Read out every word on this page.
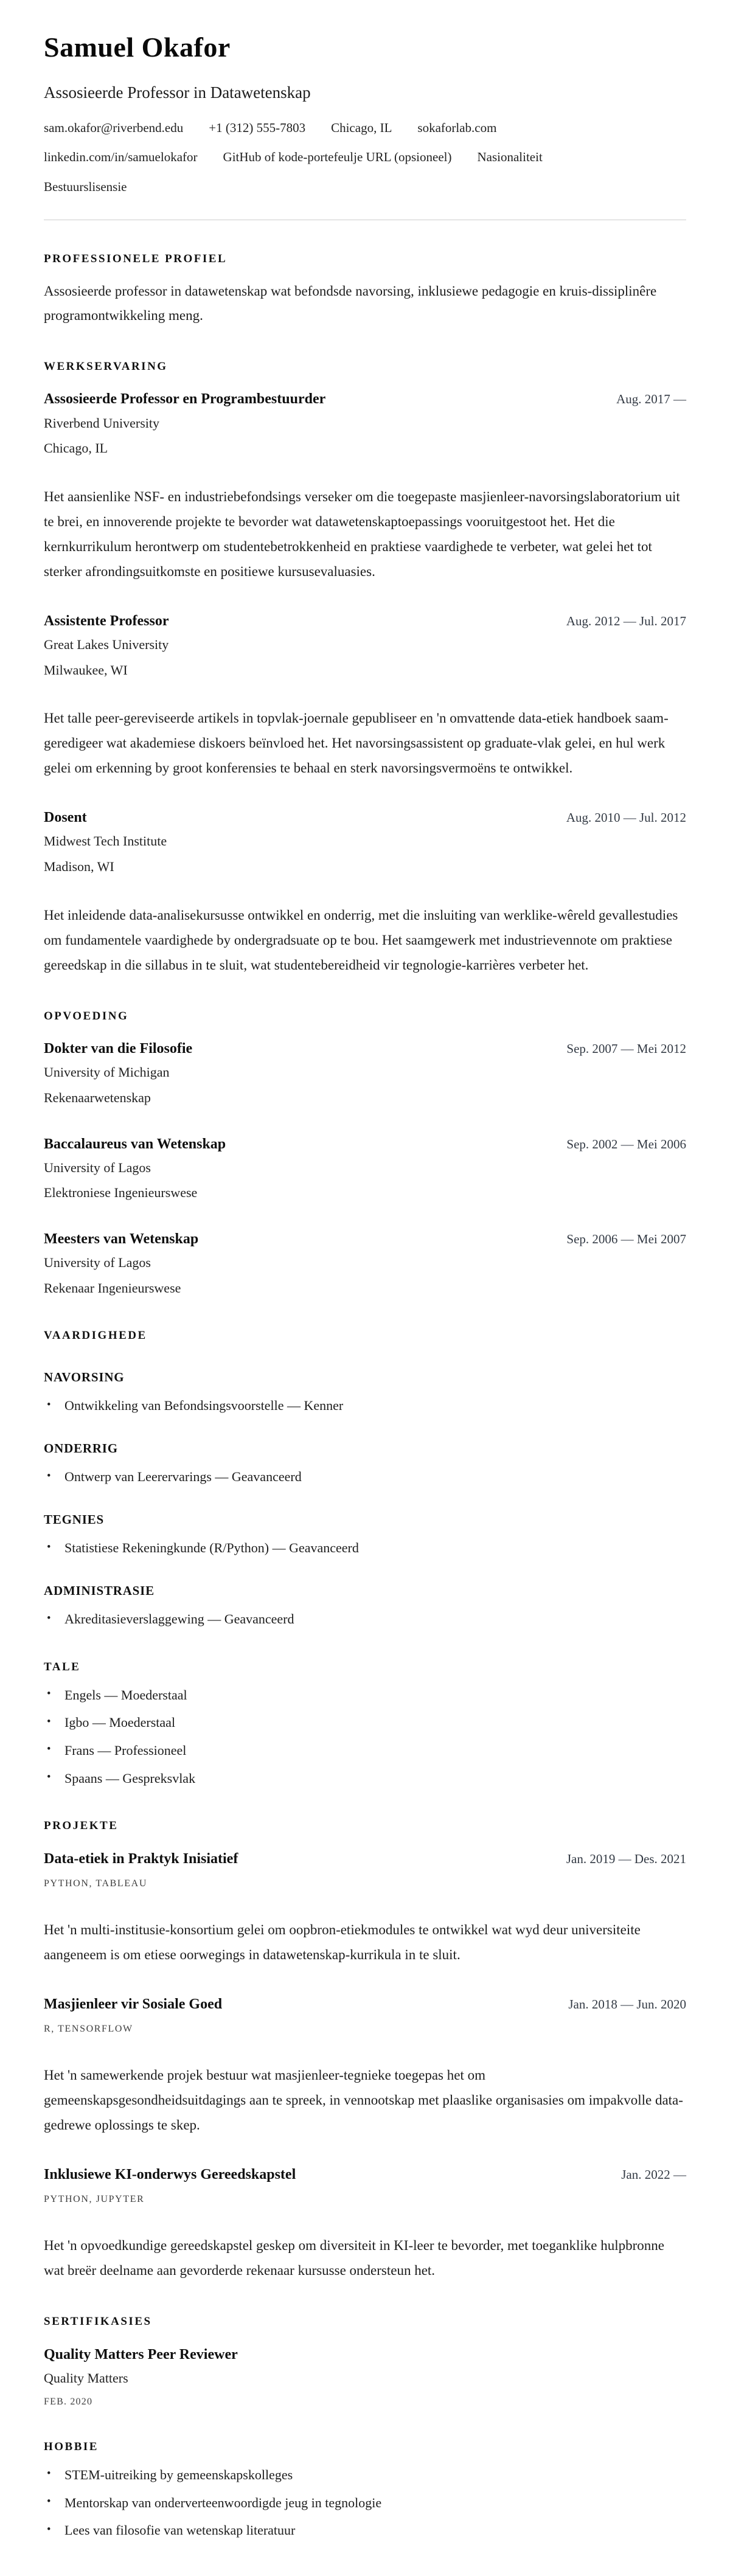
Samuel Okafor
Assosieerde Professor in Datawetenskap
sam.okafor@riverbend.edu +1 (312) 555-7803 Chicago, IL sokaforlab.com
linkedin.com/in/samuelokafor GitHub of kode-portefeulje URL (opsioneel) Nasionaliteit
Bestuurslisensie
PROFESSIONELE PROFIEL

Assosieerde professor in datawetenskap wat befondsde navorsing, inklusiewe pedagogie en kruis-dissiplinêre programontwikkeling meng.

WERKSERVARING
Assosieerde Professor en Programbestuurder	Aug. 2017 —
Riverbend University
Chicago, IL

Het aansienlike NSF- en industriebefondsings verseker om die toegepaste masjienleer-navorsingslaboratorium uit te brei, en innoverende projekte te bevorder wat datawetenskaptoepassings vooruitgestoot het. Het die kernkurrikulum herontwerp om studentebetrokkenheid en praktiese vaardighede te verbeter, wat gelei het tot sterker afrondingsuitkomste en positiewe kursusevaluasies.

Assistente Professor	Aug. 2012 — Jul. 2017
Great Lakes University
Milwaukee, WI

Het talle peer-gereviseerde artikels in topvlak-joernale gepubliseer en 'n omvattende data-etiek handboek saam-geredigeer wat akademiese diskoers beïnvloed het. Het navorsingsassistent op graduate-vlak gelei, en hul werk gelei om erkenning by groot konferensies te behaal en sterk navorsingsvermoëns te ontwikkel.

Dosent	Aug. 2010 — Jul. 2012
Midwest Tech Institute
Madison, WI

Het inleidende data-analisekursusse ontwikkel en onderrig, met die insluiting van werklike-wêreld gevallestudies om fundamentele vaardighede by ondergradsuate op te bou. Het saamgewerk met industrievennote om praktiese gereedskap in die sillabus in te sluit, wat studentebereidheid vir tegnologie-karrières verbeter het.

OPVOEDING
Dokter van die Filosofie	Sep. 2007 — Mei 2012
University of Michigan
Rekenaarwetenskap
Baccalaureus van Wetenskap	Sep. 2002 — Mei 2006
University of Lagos
Elektroniese Ingenieurswese
Meesters van Wetenskap	Sep. 2006 — Mei 2007
University of Lagos
Rekenaar Ingenieurswese
VAARDIGHEDE
NAVORSING
• Ontwikkeling van Befondsingsvoorstelle — Kenner
ONDERRIG
• Ontwerp van Leerervarings — Geavanceerd
TEGNIES
• Statistiese Rekeningkunde (R/Python) — Geavanceerd
ADMINISTRASIE
• Akreditasieverslaggewing — Geavanceerd
TALE
• Engels — Moederstaal
• Igbo — Moederstaal
• Frans — Professioneel
• Spaans — Gespreksvlak
PROJEKTE
Data-etiek in Praktyk Inisiatief	Jan. 2019 — Des. 2021
PYTHON, TABLEAU

Het 'n multi-institusie-konsortium gelei om oopbron-etiekmodules te ontwikkel wat wyd deur universiteite aangeneem is om etiese oorwegings in datawetenskap-kurrikula in te sluit.

Masjienleer vir Sosiale Goed	Jan. 2018 — Jun. 2020
R, TENSORFLOW

Het 'n samewerkende projek bestuur wat masjienleer-tegnieke toegepas het om gemeenskapsgesondheidsuitdagings aan te spreek, in vennootskap met plaaslike organisasies om impakvolle data-gedrewe oplossings te skep.

Inklusiewe KI-onderwys Gereedskapstel	Jan. 2022 —
PYTHON, JUPYTER

Het 'n opvoedkundige gereedskapstel geskep om diversiteit in KI-leer te bevorder, met toeganklike hulpbronne wat breër deelname aan gevorderde rekenaar kursusse ondersteun het.

SERTIFIKASIES
Quality Matters Peer Reviewer
Quality Matters
FEB. 2020
HOBBIE
• STEM-uitreiking by gemeenskapskolleges
• Mentorskap van onderverteenwoordigde jeug in tegnologie
• Lees van filosofie van wetenskap literatuur
